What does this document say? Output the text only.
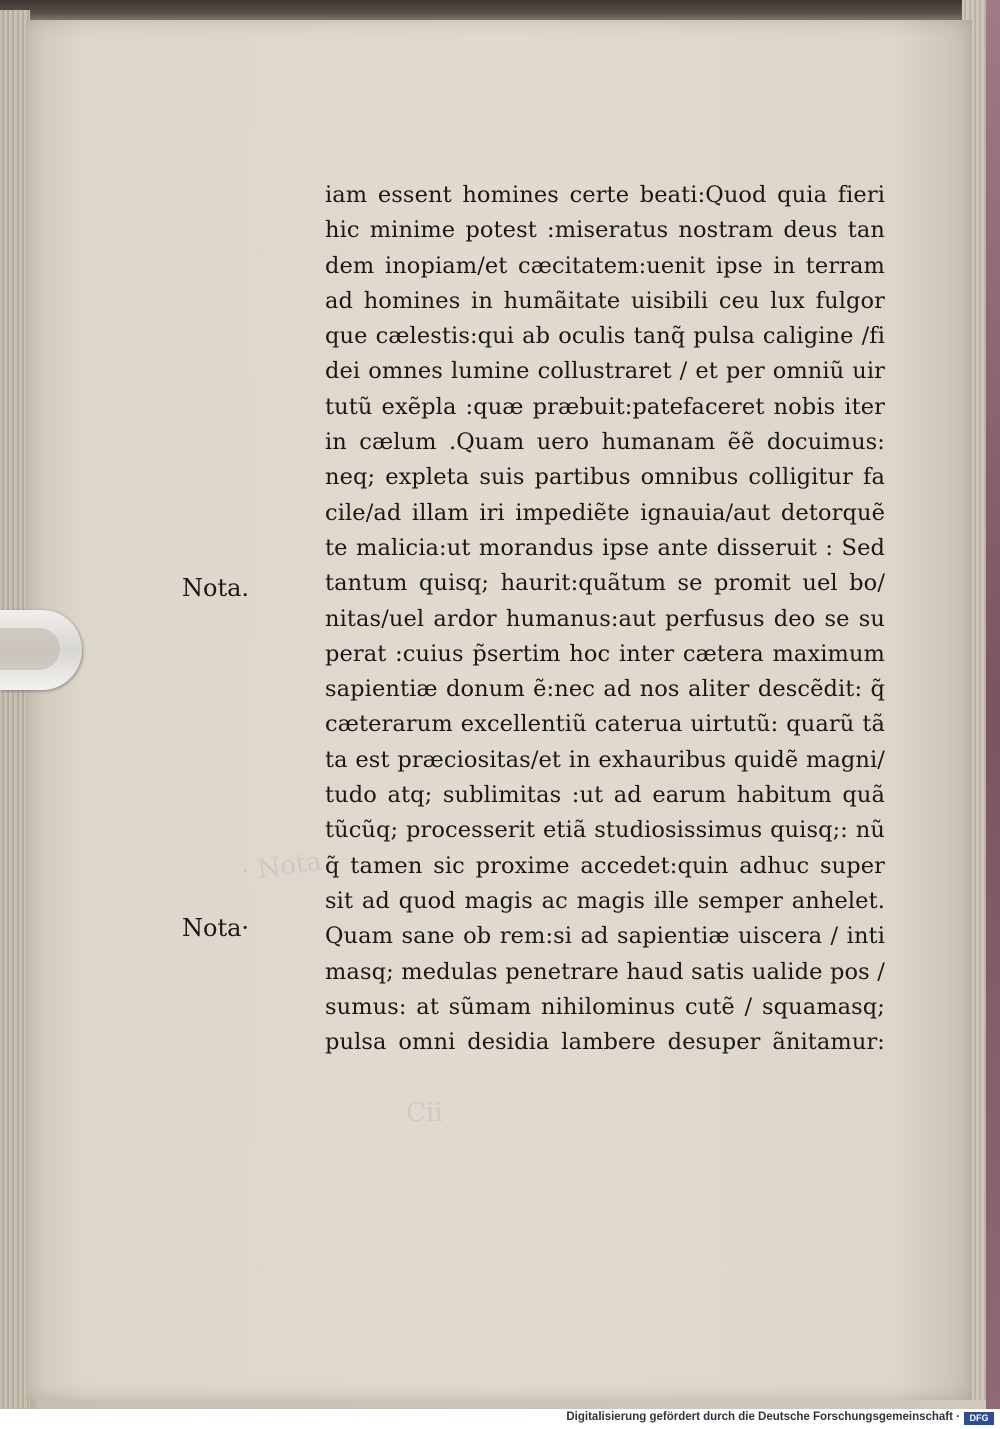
· Nota
Cii
Nota.
Nota·
iam essent homines certe beati:Quod quia fieri
hic minime potest :miseratus nostram deus tan
dem inopiam/et cæcitatem:uenit ipse in terram
ad homines in humãitate uisibili ceu lux fulgor
que cælestis:qui ab oculis tanq̃ pulsa caligine /fi
dei omnes lumine collustraret / et per omniũ uir
tutũ exẽpla :quæ præbuit:patefaceret nobis iter
in cælum .Quam uero humanam ẽẽ docuimus:
neq; expleta suis partibus omnibus colligitur fa
cile/ad illam iri impediẽte ignauia/aut detorquẽ
te malicia:ut morandus ipse ante disseruit : Sed
tantum quisq; haurit:quãtum se promit uel bo/
nitas/uel ardor humanus:aut perfusus deo se su
perat :cuius p̃sertim hoc inter cætera maximum
sapientiæ donum ẽ:nec ad nos aliter descẽdit: q̃
cæterarum excellentiũ caterua uirtutũ: quarũ tã
ta est præciositas/et in exhauribus quidẽ magni/
tudo atq; sublimitas :ut ad earum habitum quã
tũcũq; processerit etiã studiosissimus quisq;: nũ
q̃ tamen sic proxime accedet:quin adhuc super
sit ad quod magis ac magis ille semper anhelet.
Quam sane ob rem:si ad sapientiæ uiscera / inti
masq; medulas penetrare haud satis ualide pos /
sumus: at sũmam nihilominus cutẽ / squamasq;
pulsa omni desidia lambere desuper ãnitamur:
Digitalisierung gefördert durch die Deutsche Forschungsgemeinschaft ·	DFG
